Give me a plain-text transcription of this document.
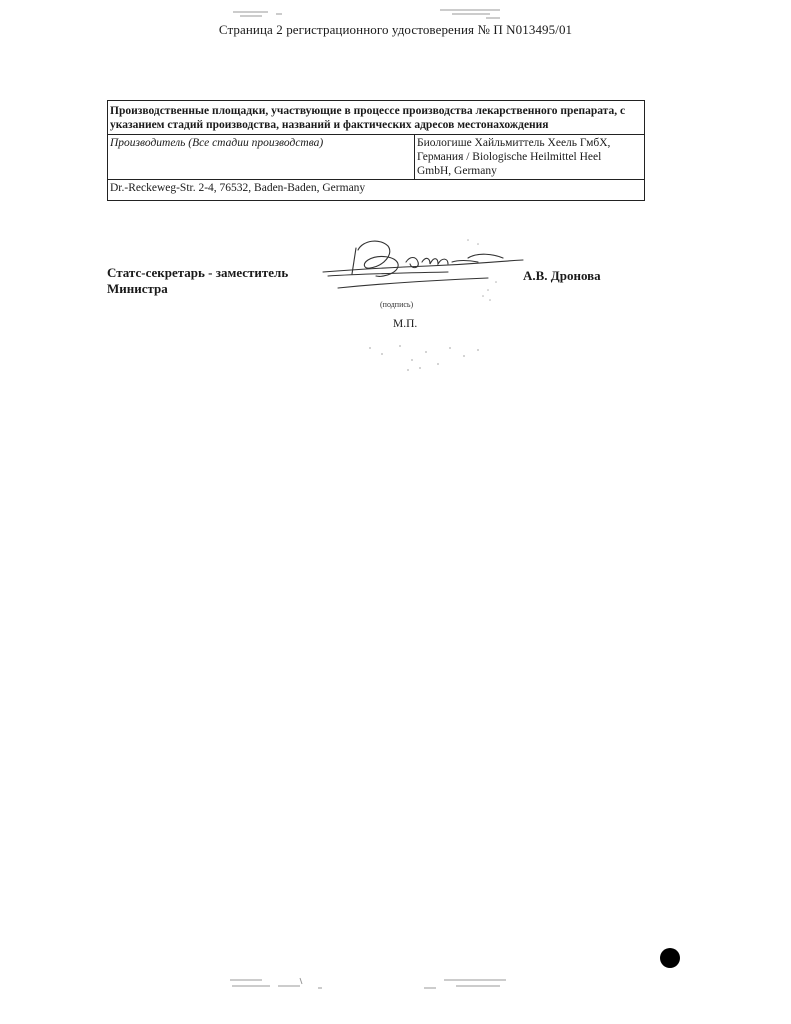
Страница 2 регистрационного удостоверения № П N013495/01
Производственные площадки, участвующие в процессе производства лекарственного препарата, с указанием стадий производства, названий и фактических адресов местонахождения
Производитель (Все стадии производства)	Биологише Хайльмиттель Хеель ГмбХ,
Германия / Biologische Heilmittel Heel
GmbH, Germany

Dr.-Reckeweg-Str. 2-4, 76532, Baden-Baden, Germany
Статс-секретарь - заместитель
Министра
А.В. Дронова
(подпись)
М.П.
